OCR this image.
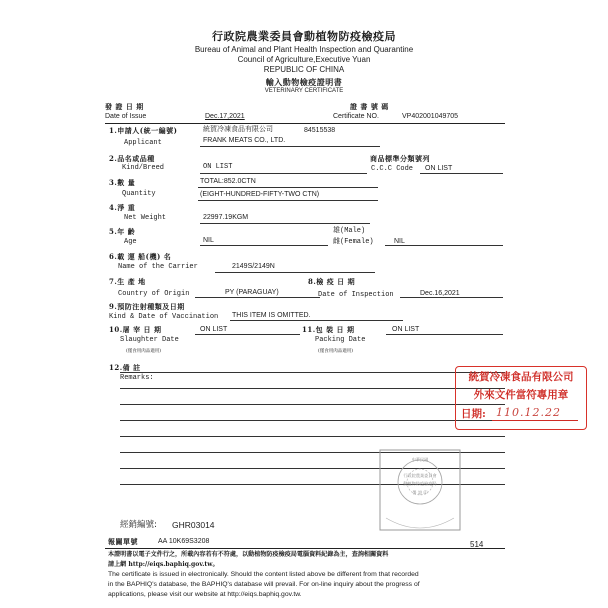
行政院農業委員會動植物防疫檢疫局
Bureau of Animal and Plant Health Inspection and Quarantine
Council of Agriculture,Executive Yuan
REPUBLIC OF CHINA
輸入動物檢疫證明書
VETERINARY CERTIFICATE
發 證 日 期
Date of Issue	Dec.17,2021
證 書 號 碼
Certificate NO.	VP402001049705
1.申請人(統一編號)	統賀冷凍食品有限公司	84515538
Applicant	FRANK MEATS CO., LTD.
2.品名或品種
Kind/Breed	ON LIST
商品標準分類號列
C.C.C Code ON LIST
3.數 量	TOTAL:852.0CTN
Quantity	(EIGHT-HUNDRED-FIFTY-TWO CTN)
4.淨 重
Net Weight	22997.19KGM
5.年 齡
Age	NIL
雄(Male)
雌(Female)	NIL
6.載 運 船(機) 名
Name of the Carrier	2149S/2149N
7.生 產 地
Country of Origin	PY (PARAGUAY)
8.檢 疫 日 期
Date of Inspection	Dec.16,2021
9.預防注射種類及日期
Kind & Date of Vaccination THIS ITEM IS OMITTED.
10.屠 宰 日 期	ON LIST
Slaughter Date
(僅食用肉品適用)
11.包 裝 日 期	ON LIST
Packing Date
(僅食用肉品適用)
12.備 註
Remarks:	統賀冷凍食品有限公司
外來文件當符專用章
日期: 110.12.22
中華民國
行政院農業委員會
動植物防疫檢疫局
署 證 印
經銷編號: GHR03014
報關單號	AA 10K69S3208	514
本證明書以電子文件行之，所載內容若有不符處，以動植物防疫檢疫局電腦資料紀錄為主，查詢相關資料
請上網 http://eiqs.baphiq.gov.tw。
The certificate is issued in electronically. Should the content listed above be different from that recorded
in the BAPHIQ's database, the BAPHIQ's database will prevail. For on-line inquiry about the progress of
applications, please visit our website at http://eiqs.baphiq.gov.tw.
